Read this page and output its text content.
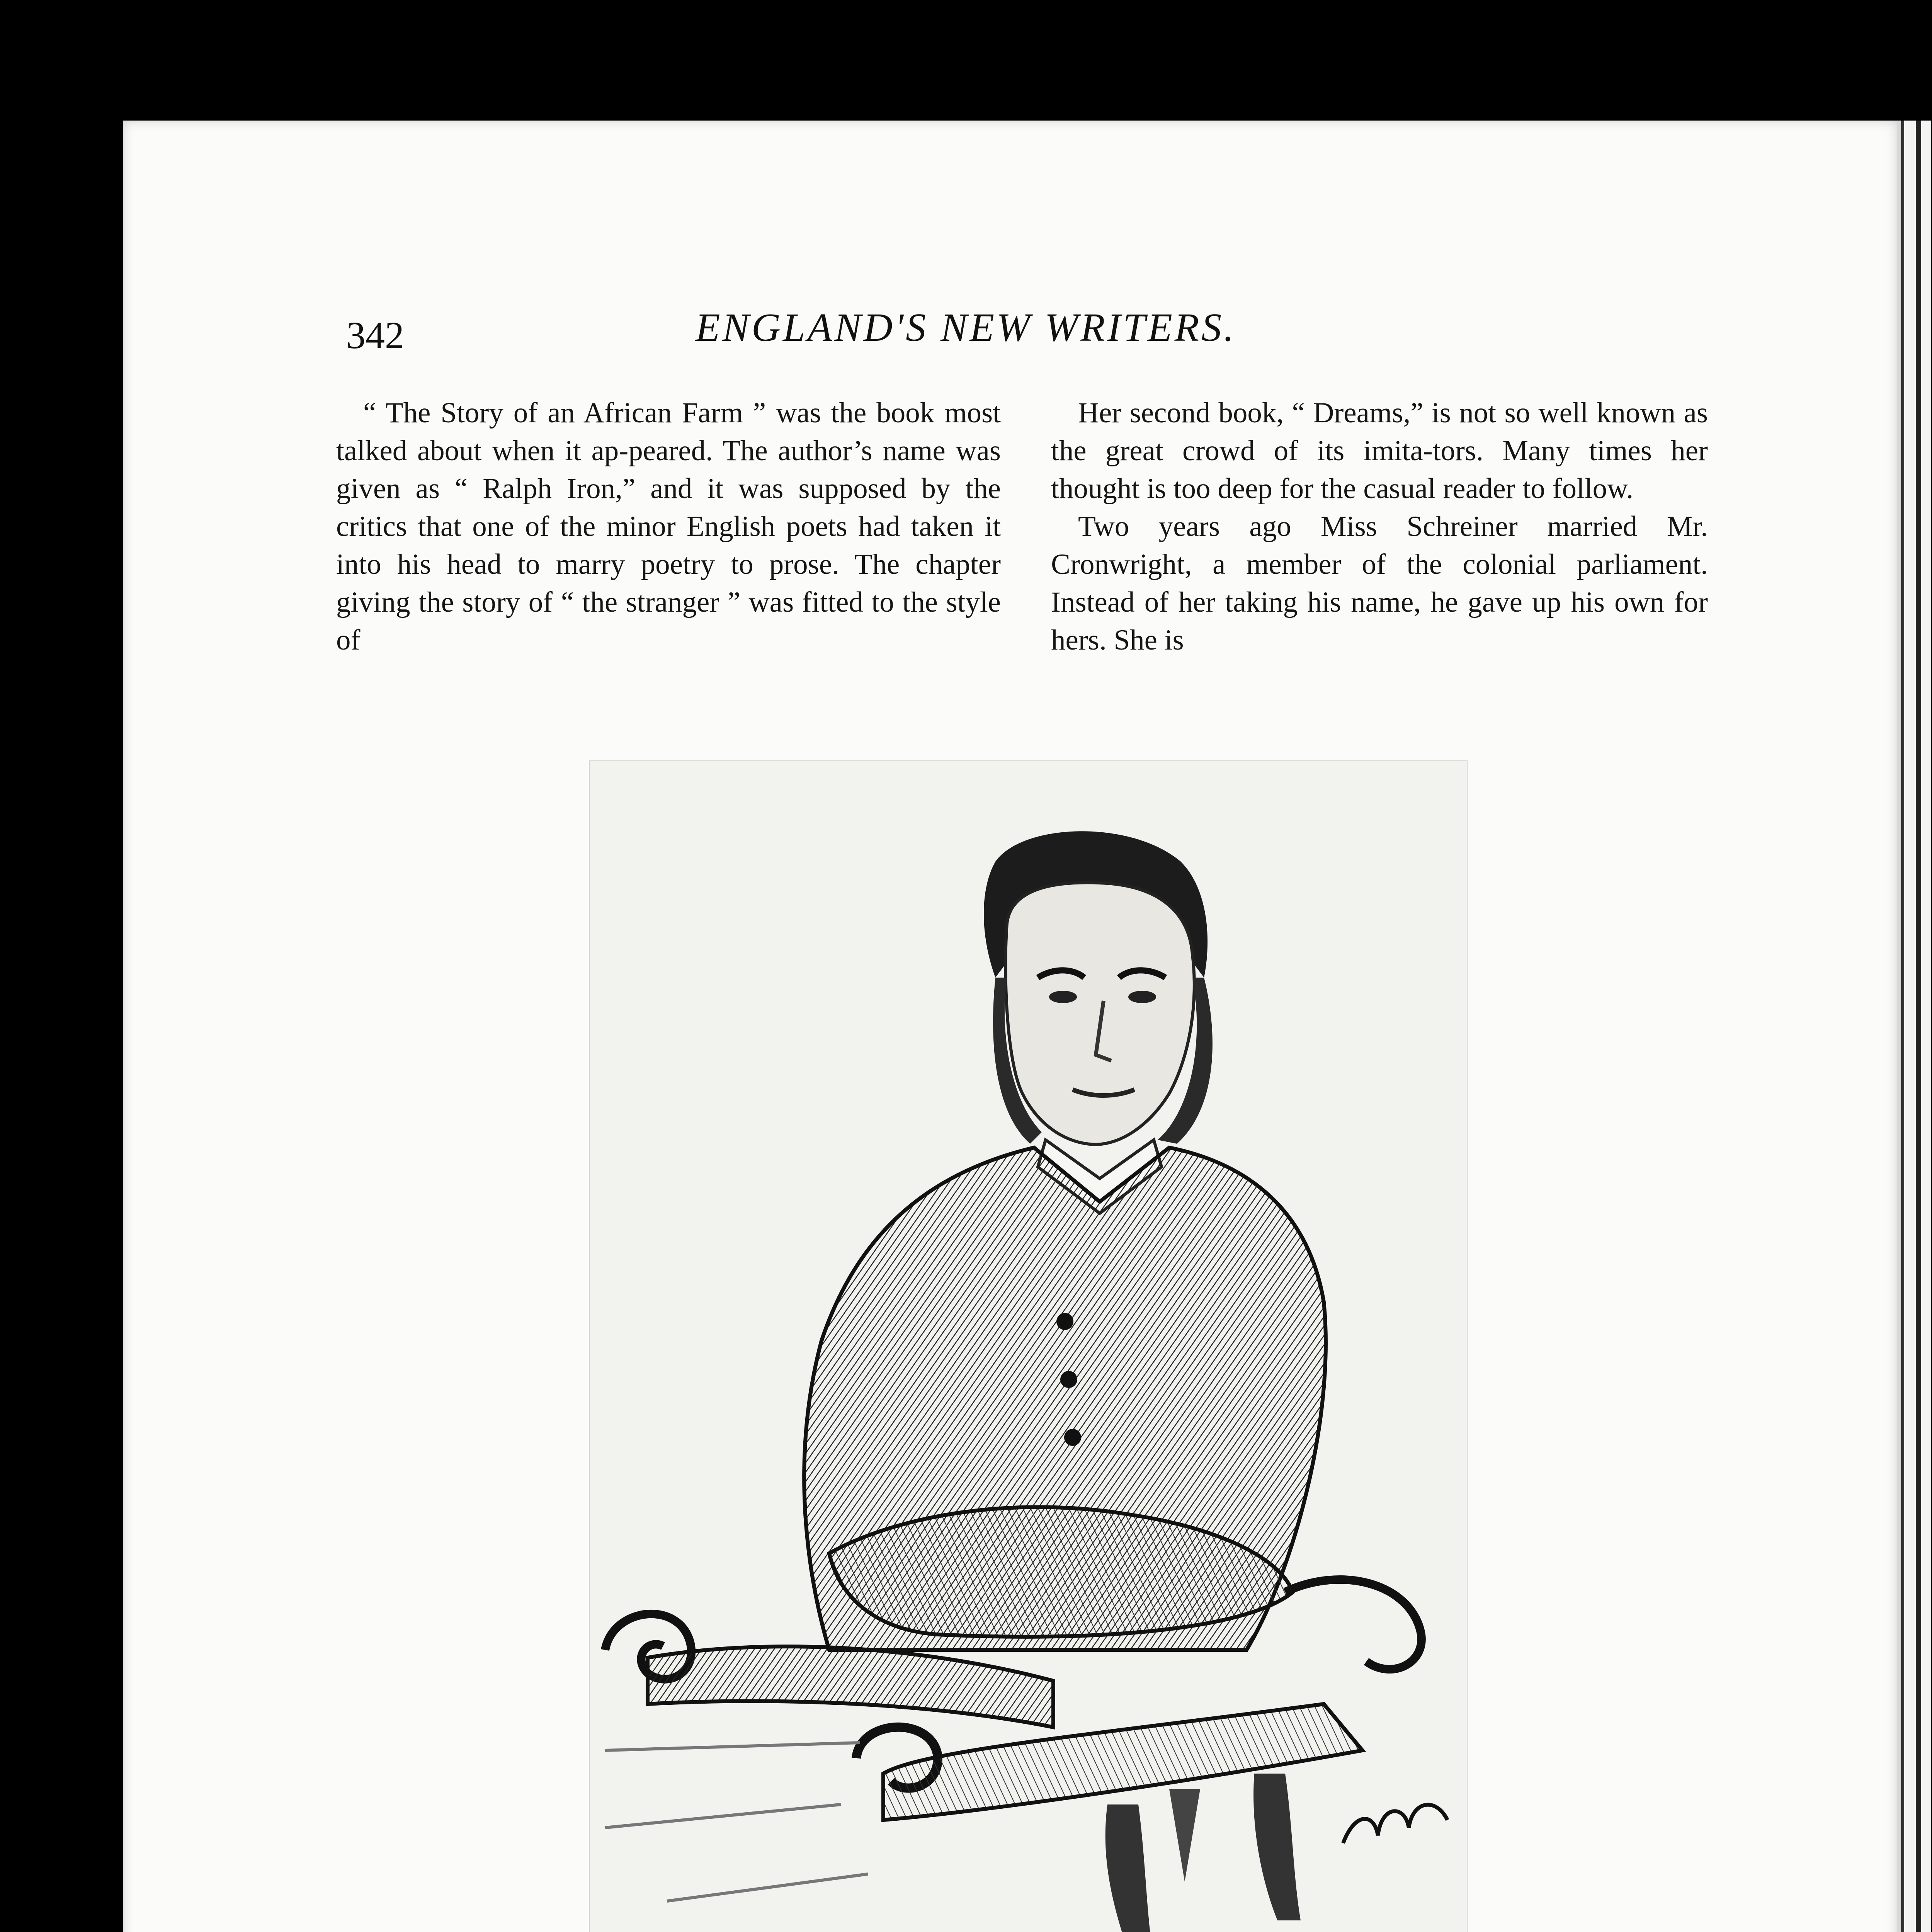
342	ENGLAND'S NEW WRITERS.

“ The Story of an African Farm ” was the book most talked about when it ap-peared. The author’s name was given as “ Ralph Iron,” and it was supposed by the critics that one of the minor English poets had taken it into his head to marry poetry to prose. The chapter giving the story of “ the stranger ” was fitted to the style of

Her second book, “ Dreams,” is not so well known as the great crowd of its imita-tors. Many times her thought is too deep for the casual reader to follow.

Two years ago Miss Schreiner married Mr. Cronwright, a member of the colonial parliament. Instead of her taking his name, he gave up his own for hers. She is
